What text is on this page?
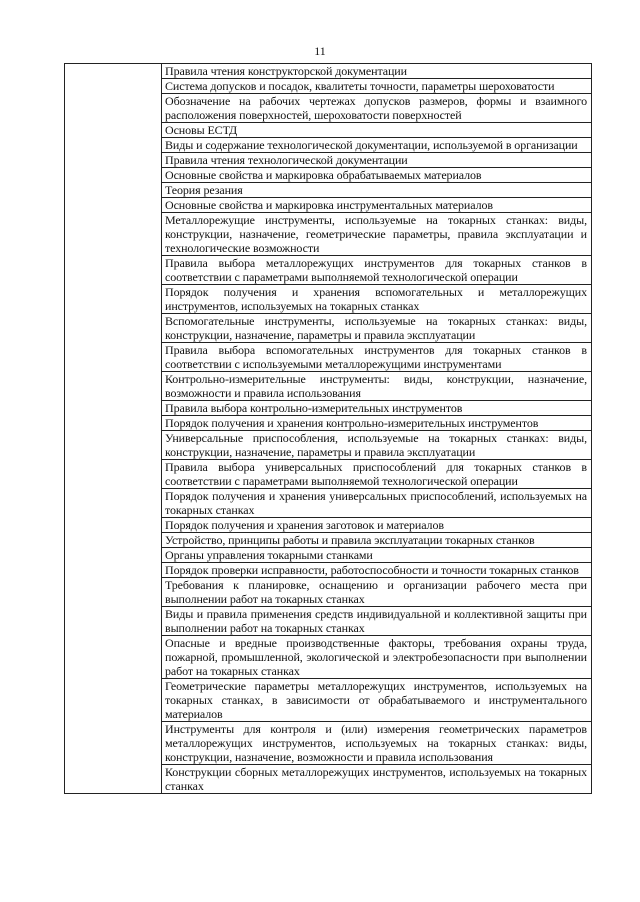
11

Правила чтения конструкторской документации

Система допусков и посадок, квалитеты точности, параметры шероховатости

Обозначение на рабочих чертежах допусков размеров, формы и взаимного расположения поверхностей, шероховатости поверхностей

Основы ЕСТД

Виды и содержание технологической документации, используемой в организации

Правила чтения технологической документации

Основные свойства и маркировка обрабатываемых материалов

Теория резания

Основные свойства и маркировка инструментальных материалов

Металлорежущие инструменты, используемые на токарных станках: виды, конструкции, назначение, геометрические параметры, правила эксплуатации и технологические возможности

Правила выбора металлорежущих инструментов для токарных станков в соответствии с параметрами выполняемой технологической операции

Порядок получения и хранения вспомогательных и металлорежущих инструментов, используемых на токарных станках

Вспомогательные инструменты, используемые на токарных станках: виды, конструкции, назначение, параметры и правила эксплуатации

Правила выбора вспомогательных инструментов для токарных станков в соответствии с используемыми металлорежущими инструментами

Контрольно-измерительные инструменты: виды, конструкции, назначение, возможности и правила использования

Правила выбора контрольно-измерительных инструментов

Порядок получения и хранения контрольно-измерительных инструментов

Универсальные приспособления, используемые на токарных станках: виды, конструкции, назначение, параметры и правила эксплуатации

Правила выбора универсальных приспособлений для токарных станков в соответствии с параметрами выполняемой технологической операции

Порядок получения и хранения универсальных приспособлений, используемых на токарных станках

Порядок получения и хранения заготовок и материалов

Устройство, принципы работы и правила эксплуатации токарных станков

Органы управления токарными станками

Порядок проверки исправности, работоспособности и точности токарных станков

Требования к планировке, оснащению и организации рабочего места при выполнении работ на токарных станках

Виды и правила применения средств индивидуальной и коллективной защиты при выполнении работ на токарных станках

Опасные и вредные производственные факторы, требования охраны труда, пожарной, промышленной, экологической и электробезопасности при выполнении работ на токарных станках

Геометрические параметры металлорежущих инструментов, используемых на токарных станках, в зависимости от обрабатываемого и инструментального материалов

Инструменты для контроля и (или) измерения геометрических параметров металлорежущих инструментов, используемых на токарных станках: виды, конструкции, назначение, возможности и правила использования

Конструкции сборных металлорежущих инструментов, используемых на токарных станках
